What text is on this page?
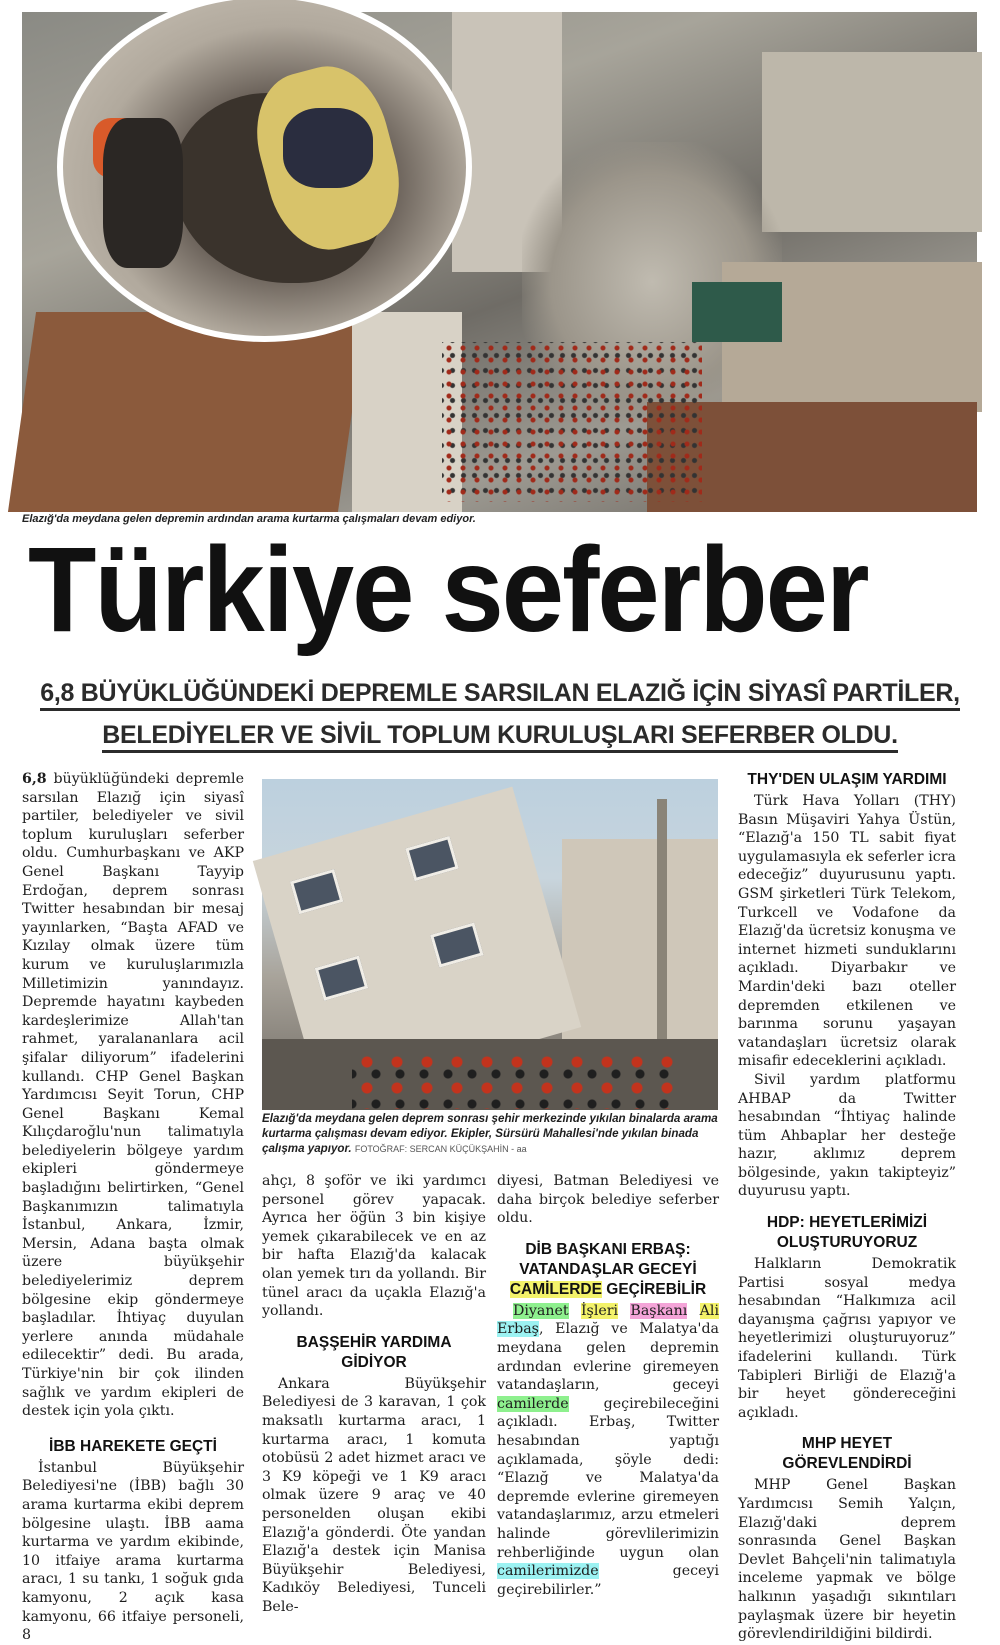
Elazığ'da meydana gelen depremin ardından arama kurtarma çalışmaları devam ediyor.
Türkiye seferber
6,8 BÜYÜKLÜĞÜNDEKİ DEPREMLE SARSILAN ELAZIĞ İÇİN SİYASÎ PARTİLER,
BELEDİYELER VE SİVİL TOPLUM KURULUŞLARI SEFERBER OLDU.

6,8 büyüklüğündeki depremle sarsılan Elazığ için siyasî partiler, belediyeler ve sivil toplum kuruluşları seferber oldu. Cumhurbaşkanı ve AKP Genel Başkanı Tayyip Erdoğan, deprem sonrası Twitter hesabından bir mesaj yayınlarken, “Başta AFAD ve Kızılay olmak üzere tüm kurum ve kuruluşlarımızla Milletimizin yanındayız. Depremde hayatını kaybeden kardeşlerimize Allah'tan rahmet, yaralananlara acil şifalar diliyorum” ifadelerini kullandı. CHP Genel Başkan Yardımcısı Seyit Torun, CHP Genel Başkanı Kemal Kılıçdaroğlu'nun talimatıyla belediyelerin bölgeye yardım ekipleri göndermeye başladığını belirtirken, “Genel Başkanımızın talimatıyla İstanbul, Ankara, İzmir, Mersin, Adana başta olmak üzere büyükşehir belediyelerimiz deprem bölgesine ekip göndermeye başladılar. İhtiyaç duyulan yerlere anında müdahale edilecektir” dedi. Bu arada, Türkiye'nin bir çok ilinden sağlık ve yardım ekipleri de destek için yola çıktı.

İBB HAREKETE GEÇTİ

İstanbul Büyükşehir Belediyesi'ne (İBB) bağlı 30 arama kurtarma ekibi deprem bölgesine ulaştı. İBB aama kurtarma ve yardım ekibinde, 10 itfaiye arama kurtarma aracı, 1 su tankı, 1 soğuk gıda kamyonu, 2 açık kasa kamyonu, 66 itfaiye personeli, 8

Elazığ'da meydana gelen deprem sonrası şehir merkezinde yıkılan binalarda arama kurtarma çalışması devam ediyor. Ekipler, Sürsürü Mahallesi'nde yıkılan binada çalışma yapıyor. FOTOĞRAF: SERCAN KÜÇÜKŞAHİN - aa

ahçı, 8 şoför ve iki yardımcı personel görev yapacak. Ayrıca her öğün 3 bin kişiye yemek çıkarabilecek ve en az bir hafta Elazığ'da kalacak olan yemek tırı da yollandı. Bir tünel aracı da uçakla Elazığ'a yollandı.

BAŞŞEHİR YARDIMA GİDİYOR

Ankara Büyükşehir Belediyesi de 3 karavan, 1 çok maksatlı kurtarma aracı, 1 kurtarma aracı, 1 komuta otobüsü 2 adet hizmet aracı ve 3 K9 köpeği ve 1 K9 aracı olmak üzere 9 araç ve 40 personelden oluşan ekibi Elazığ'a gönderdi. Öte yandan Elazığ'a destek için Manisa Büyükşehir Belediyesi, Kadıköy Belediyesi, Tunceli Bele-

diyesi, Batman Belediyesi ve daha birçok belediye seferber oldu.

DİB BAŞKANI ERBAŞ: VATANDAŞLAR GECEYİ
CAMİLERDE GEÇİREBİLİR

Diyanet İşleri Başkanı Ali Erbaş, Elazığ ve Malatya'da meydana gelen depremin ardından evlerine giremeyen vatandaşların, geceyi camilerde geçirebileceğini açıkladı. Erbaş, Twitter hesabından yaptığı açıklamada, şöyle dedi: “Elazığ ve Malatya'da depremde evlerine giremeyen vatandaşlarımız, arzu etmeleri halinde görevlilerimizin rehberliğinde uygun olan camilerimizde geceyi geçirebilirler.”

THY'DEN ULAŞIM YARDIMI

Türk Hava Yolları (THY) Basın Müşaviri Yahya Üstün, “Elazığ'a 150 TL sabit fiyat uygulamasıyla ek seferler icra edeceğiz” duyurusunu yaptı. GSM şirketleri Türk Telekom, Turkcell ve Vodafone da Elazığ'da ücretsiz konuşma ve internet hizmeti sunduklarını açıkladı. Diyarbakır ve Mardin'deki bazı oteller depremden etkilenen ve barınma sorunu yaşayan vatandaşları ücretsiz olarak misafir edeceklerini açıkladı.

Sivil yardım platformu AHBAP da Twitter hesabından “İhtiyaç halinde tüm Ahbaplar her desteğe hazır, aklımız deprem bölgesinde, yakın takipteyiz” duyurusu yaptı.

HDP: HEYETLERİMİZİ OLUŞTURUYORUZ

Halkların Demokratik Partisi sosyal medya hesabından “Halkımıza acil dayanışma çağrısı yapıyor ve heyetlerimizi oluşturuyoruz” ifadelerini kullandı. Türk Tabipleri Birliği de Elazığ'a bir heyet göndereceğini açıkladı.

MHP HEYET GÖREVLENDİRDİ

MHP Genel Başkan Yardımcısı Semih Yalçın, Elazığ'daki deprem sonrasında Genel Başkan Devlet Bahçeli'nin talimatıyla inceleme yapmak ve bölge halkının yaşadığı sıkıntıları paylaşmak üzere bir heyetin görevlendirildiğini bildirdi.
